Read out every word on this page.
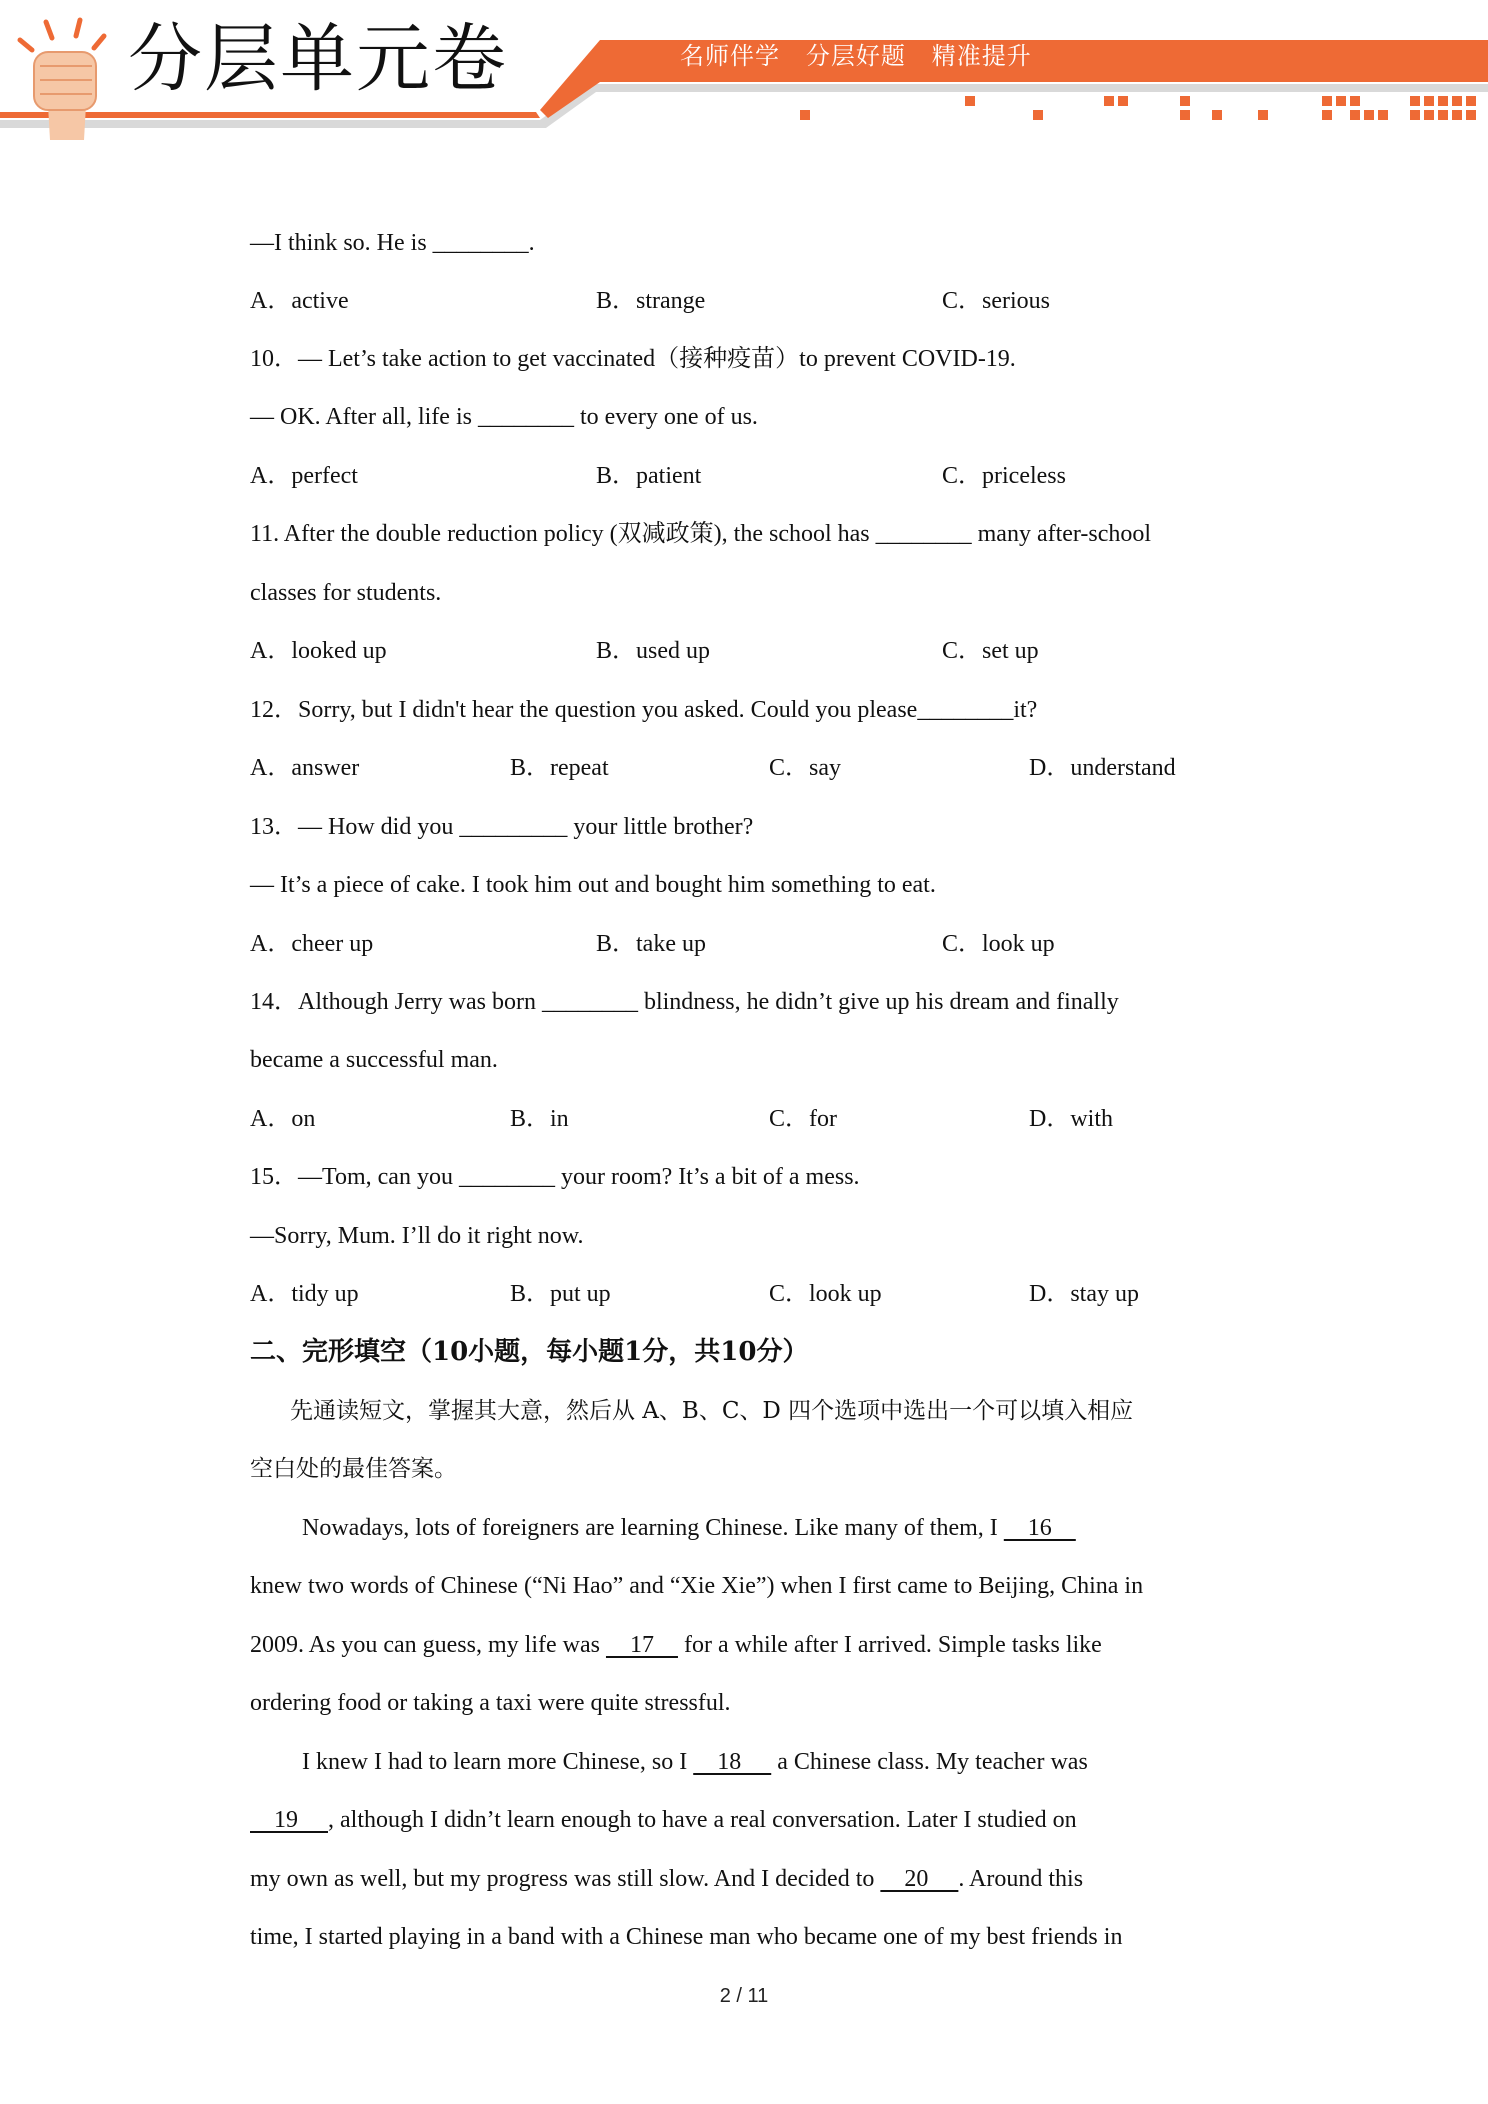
分层单元卷	名师伴学   分层好题   精准提升

—I think so. He is ________.

A．active	B．strange	C．serious

10．— Let’s take action to get vaccinated（接种疫苗）to prevent COVID-19.

— OK. After all, life is ________ to every one of us.

A．perfect	B．patient	C．priceless

11. After the double reduction policy (双减政策), the school has ________ many after-school

classes for students.

A．looked up	B．used up	C．set up

12．Sorry, but I didn't hear the question you asked. Could you please________it?

A．answer	B．repeat	C．say	D．understand

13．— How did you _________ your little brother?

— It’s a piece of cake. I took him out and bought him something to eat.

A．cheer up	B．take up	C．look up

14．Although Jerry was born ________ blindness, he didn’t give up his dream and finally

became a successful man.

A．on	B．in	C．for	D．with

15．—Tom, can you ________ your room? It’s a bit of a mess.

—Sorry, Mum. I’ll do it right now.

A．tidy up	B．put up	C．look up	D．stay up
二、完形填空（10小题，每小题1分，共10分）

先通读短文，掌握其大意，然后从 A、B、C、D 四个选项中选出一个可以填入相应

空白处的最佳答案。

Nowadays, lots of foreigners are learning Chinese. Like many of them, I     16

knew two words of Chinese (“Ni Hao” and “Xie Xie”) when I first came to Beijing, China in

2009. As you can guess, my life was     17     for a while after I arrived. Simple tasks like

ordering food or taking a taxi were quite stressful.

I knew I had to learn more Chinese, so I     18      a Chinese class. My teacher was

19     , although I didn’t learn enough to have a real conversation. Later I studied on

my own as well, but my progress was still slow. And I decided to     20     . Around this

time, I started playing in a band with a Chinese man who became one of my best friends in

2 / 11
